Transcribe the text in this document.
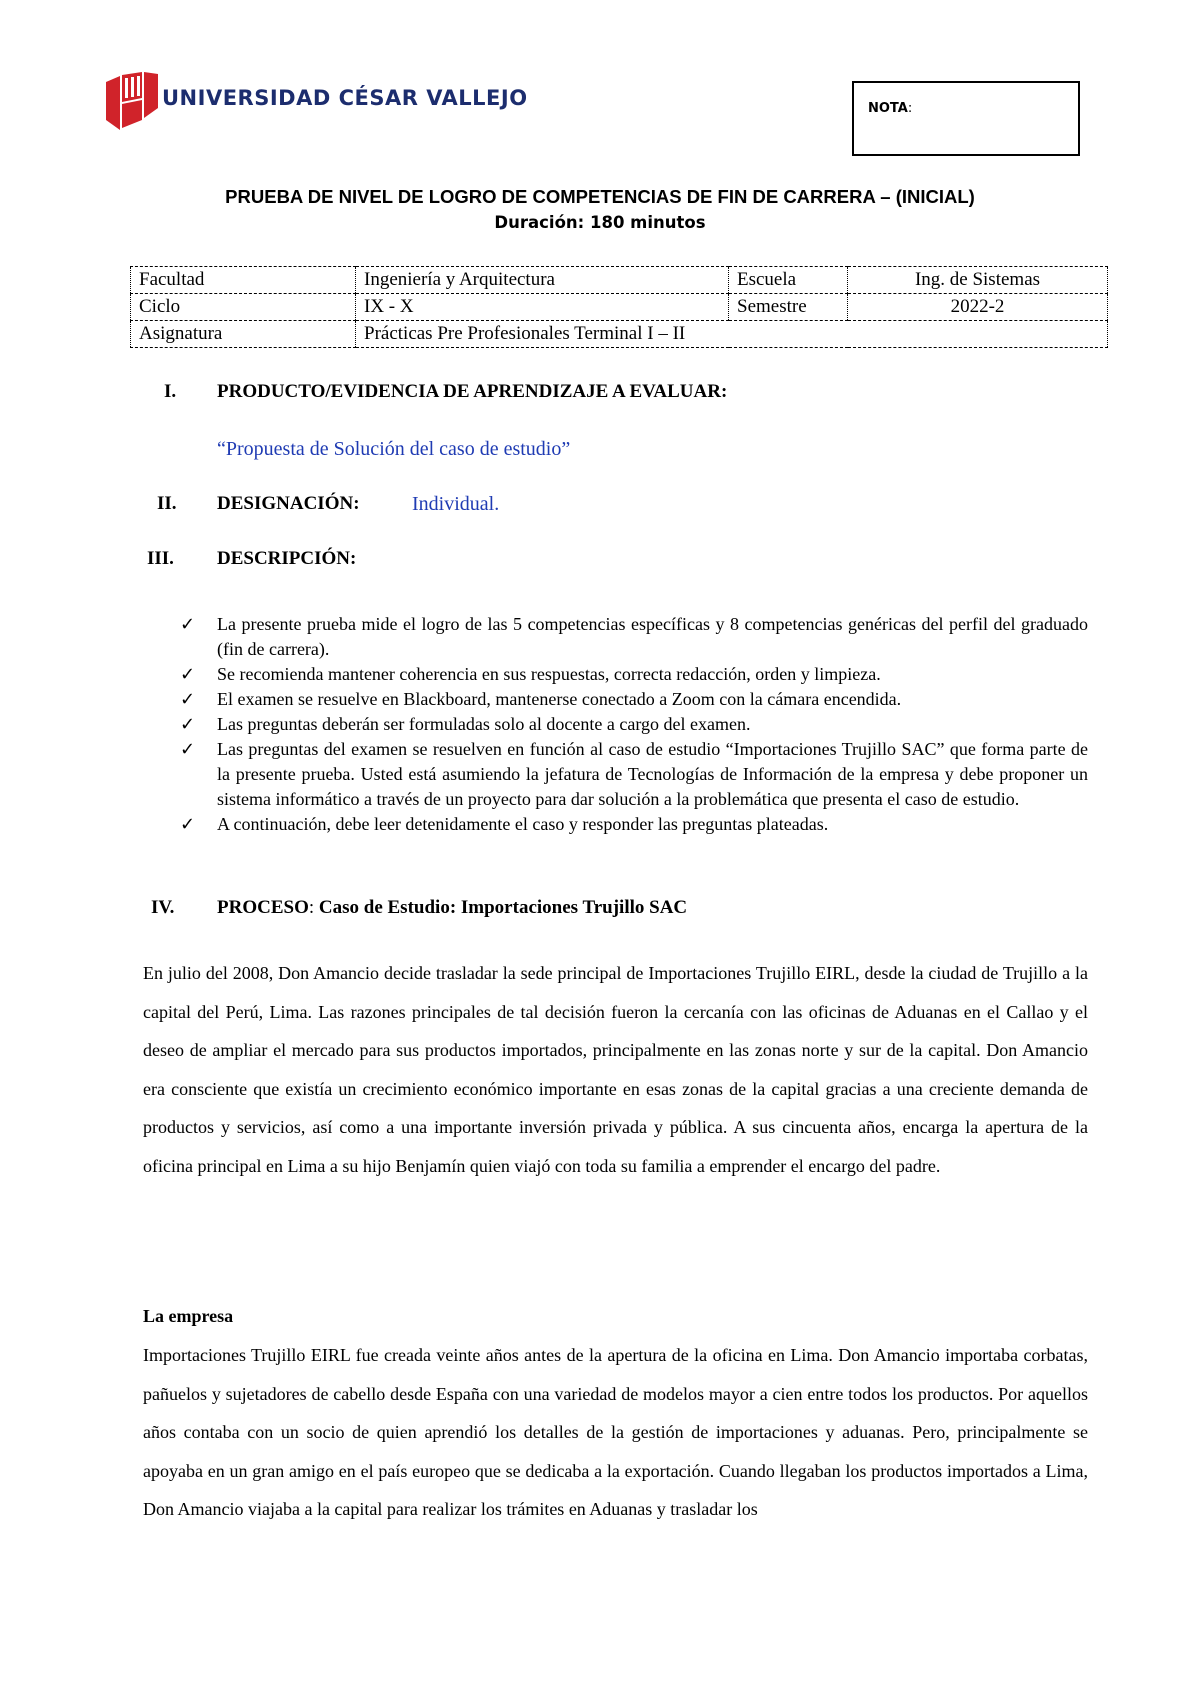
UNIVERSIDAD CÉSAR VALLEJO	NOTA:
PRUEBA DE NIVEL DE LOGRO DE COMPETENCIAS DE FIN DE CARRERA – (INICIAL)
Duración: 180 minutos
Facultad	Ingeniería y Arquitectura	Escuela	Ing. de Sistemas
Ciclo	IX - X	Semestre	2022-2
Asignatura	Prácticas Pre Profesionales Terminal I – II		
I.	PRODUCTO/EVIDENCIA DE APRENDIZAJE A EVALUAR:
“Propuesta de Solución del caso de estudio”
II.	DESIGNACIÓN:	Individual.
III.	DESCRIPCIÓN:
✓ La presente prueba mide el logro de las 5 competencias específicas y 8 competencias genéricas del perfil del graduado (fin de carrera).
✓ Se recomienda mantener coherencia en sus respuestas, correcta redacción, orden y limpieza.
✓ El examen se resuelve en Blackboard, mantenerse conectado a Zoom con la cámara encendida.
✓ Las preguntas deberán ser formuladas solo al docente a cargo del examen.
✓ Las preguntas del examen se resuelven en función al caso de estudio “Importaciones Trujillo SAC” que forma parte de la presente prueba. Usted está asumiendo la jefatura de Tecnologías de Información de la empresa y debe proponer un sistema informático a través de un proyecto para dar solución a la problemática que presenta el caso de estudio.
✓ A continuación, debe leer detenidamente el caso y responder las preguntas plateadas.
IV.	PROCESO: Caso de Estudio: Importaciones Trujillo SAC

En julio del 2008, Don Amancio decide trasladar la sede principal de Importaciones Trujillo EIRL, desde la ciudad de Trujillo a la capital del Perú, Lima. Las razones principales de tal decisión fueron la cercanía con las oficinas de Aduanas en el Callao y el deseo de ampliar el mercado para sus productos importados, principalmente en las zonas norte y sur de la capital. Don Amancio era consciente que existía un crecimiento económico importante en esas zonas de la capital gracias a una creciente demanda de productos y servicios, así como a una importante inversión privada y pública. A sus cincuenta años, encarga la apertura de la oficina principal en Lima a su hijo Benjamín quien viajó con toda su familia a emprender el encargo del padre.

La empresa

Importaciones Trujillo EIRL fue creada veinte años antes de la apertura de la oficina en Lima. Don Amancio importaba corbatas, pañuelos y sujetadores de cabello desde España con una variedad de modelos mayor a cien entre todos los productos. Por aquellos años contaba con un socio de quien aprendió los detalles de la gestión de importaciones y aduanas. Pero, principalmente se apoyaba en un gran amigo en el país europeo que se dedicaba a la exportación. Cuando llegaban los productos importados a Lima, Don Amancio viajaba a la capital para realizar los trámites en Aduanas y trasladar los
